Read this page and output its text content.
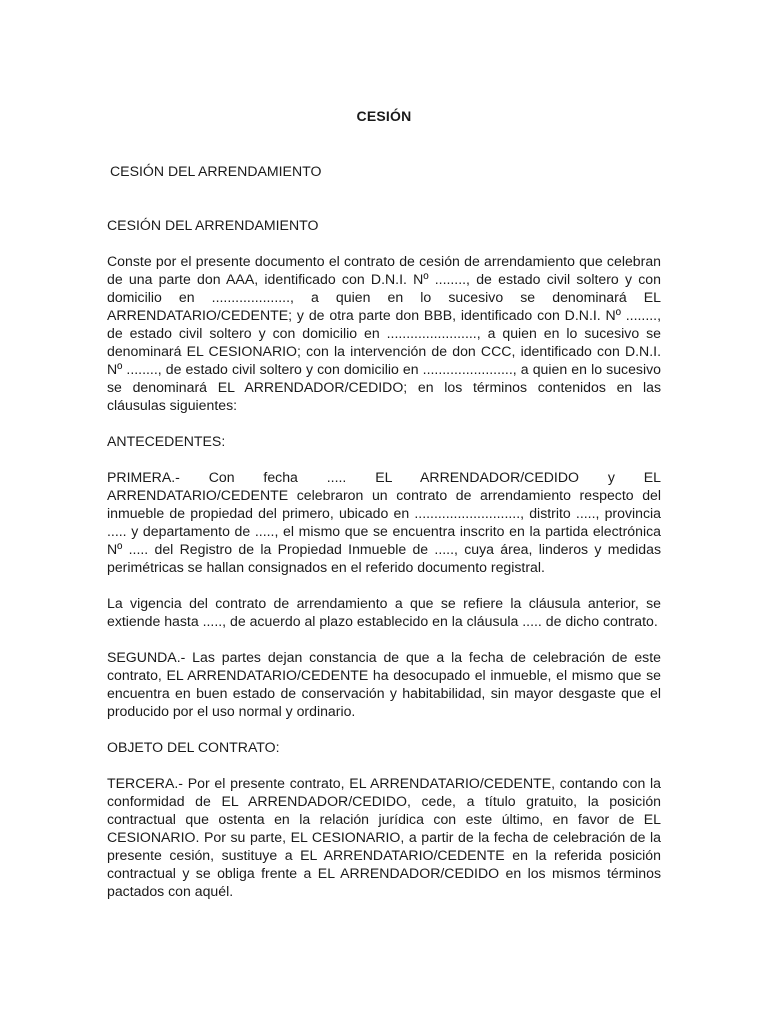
CESIÓN

CESIÓN DEL ARRENDAMIENTO

CESIÓN DEL ARRENDAMIENTO

Conste por el presente documento el contrato de cesión de arrendamiento que celebran de una parte don AAA, identificado con D.N.I. Nº ........, de estado civil soltero y con domicilio en ...................., a quien en lo sucesivo se denominará EL ARRENDATARIO/CEDENTE; y de otra parte don BBB, identificado con D.N.I. Nº ........, de estado civil soltero y con domicilio en ......................., a quien en lo sucesivo se denominará EL CESIONARIO; con la intervención de don CCC, identificado con D.N.I. Nº ........, de estado civil soltero y con domicilio en ......................., a quien en lo sucesivo se denominará EL ARRENDADOR/CEDIDO; en los términos contenidos en las cláusulas siguientes:

ANTECEDENTES:

PRIMERA.- Con fecha ..... EL ARRENDADOR/CEDIDO y EL ARRENDATARIO/CEDENTE celebraron un contrato de arrendamiento respecto del inmueble de propiedad del primero, ubicado en ..........................., distrito ....., provincia ..... y departamento de ....., el mismo que se encuentra inscrito en la partida electrónica Nº ..... del Registro de la Propiedad Inmueble de ....., cuya área, linderos y medidas perimétricas se hallan consignados en el referido documento registral.

La vigencia del contrato de arrendamiento a que se refiere la cláusula anterior, se extiende hasta ....., de acuerdo al plazo establecido en la cláusula ..... de dicho contrato.

SEGUNDA.- Las partes dejan constancia de que a la fecha de celebración de este contrato, EL ARRENDATARIO/CEDENTE ha desocupado el inmueble, el mismo que se encuentra en buen estado de conservación y habitabilidad, sin mayor desgaste que el producido por el uso normal y ordinario.

OBJETO DEL CONTRATO:

TERCERA.- Por el presente contrato, EL ARRENDATARIO/CEDENTE, contando con la conformidad de EL ARRENDADOR/CEDIDO, cede, a título gratuito, la posición contractual que ostenta en la relación jurídica con este último, en favor de EL CESIONARIO. Por su parte, EL CESIONARIO, a partir de la fecha de celebración de la presente cesión, sustituye a EL ARRENDATARIO/CEDENTE en la referida posición contractual y se obliga frente a EL ARRENDADOR/CEDIDO en los mismos términos pactados con aquél.
